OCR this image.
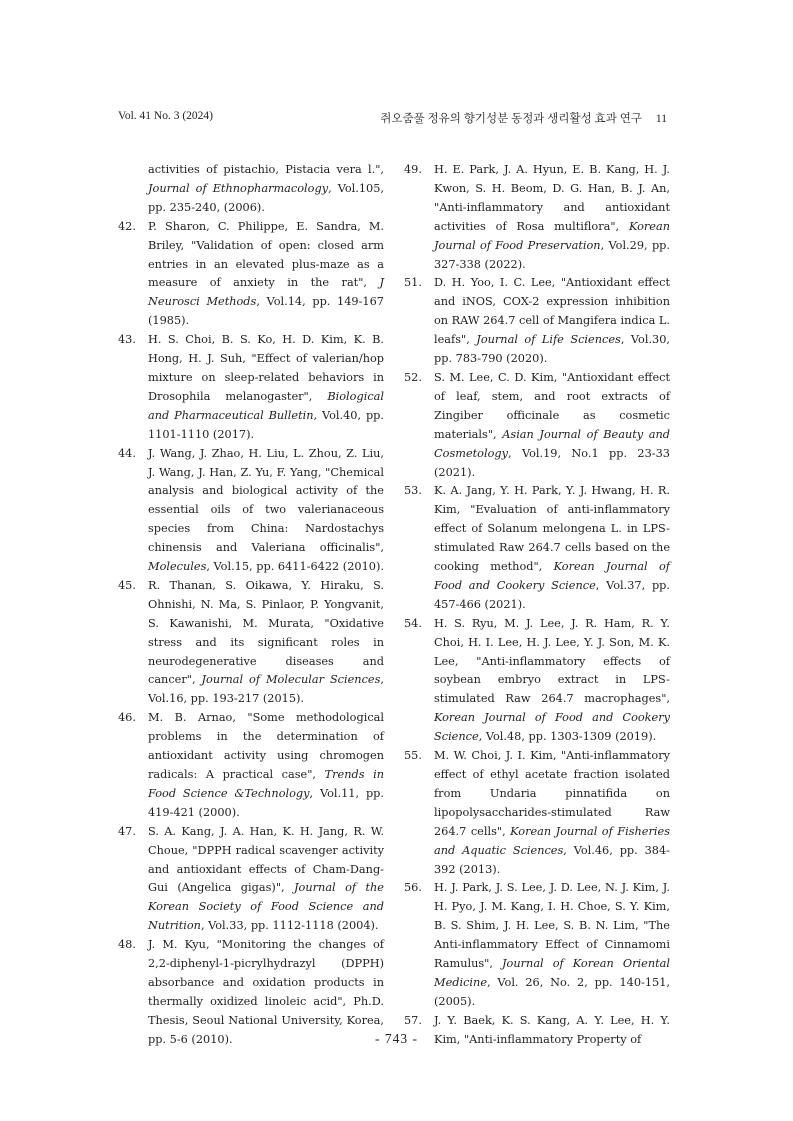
Vol. 41 No. 3 (2024)	쥐오줌풀 정유의 향기성분 동정과 생리활성 효과 연구 11
activities of pistachio, Pistacia vera l.", Journal of Ethnopharmacology, Vol.105, pp. 235-240, (2006).
42. P. Sharon, C. Philippe, E. Sandra, M. Briley, "Validation of open: closed arm entries in an elevated plus-maze as a measure of anxiety in the rat", J Neurosci Methods, Vol.14, pp. 149-167 (1985).
43. H. S. Choi, B. S. Ko, H. D. Kim, K. B. Hong, H. J. Suh, "Effect of valerian/hop mixture on sleep-related behaviors in Drosophila melanogaster", Biological and Pharmaceutical Bulletin, Vol.40, pp. 1101-1110 (2017).
44. J. Wang, J. Zhao, H. Liu, L. Zhou, Z. Liu, J. Wang, J. Han, Z. Yu, F. Yang, "Chemical analysis and biological activity of the essential oils of two valerianaceous species from China: Nardostachys chinensis and Valeriana officinalis", Molecules, Vol.15, pp. 6411-6422 (2010).
45. R. Thanan, S. Oikawa, Y. Hiraku, S. Ohnishi, N. Ma, S. Pinlaor, P. Yongvanit, S. Kawanishi, M. Murata, "Oxidative stress and its significant roles in neurodegenerative diseases and cancer", Journal of Molecular Sciences, Vol.16, pp. 193-217 (2015).
46. M. B. Arnao, "Some methodological problems in the determination of antioxidant activity using chromogen radicals: A practical case", Trends in Food Science &Technology, Vol.11, pp. 419-421 (2000).
47. S. A. Kang, J. A. Han, K. H. Jang, R. W. Choue, "DPPH radical scavenger activity and antioxidant effects of Cham-Dang-Gui (Angelica gigas)", Journal of the Korean Society of Food Science and Nutrition, Vol.33, pp. 1112-1118 (2004).
48. J. M. Kyu, "Monitoring the changes of 2,2-diphenyl-1-picrylhydrazyl (DPPH) absorbance and oxidation products in thermally oxidized linoleic acid", Ph.D. Thesis, Seoul National University, Korea, pp. 5-6 (2010).
49. H. E. Park, J. A. Hyun, E. B. Kang, H. J. Kwon, S. H. Beom, D. G. Han, B. J. An, "Anti-inflammatory and antioxidant activities of Rosa multiflora", Korean Journal of Food Preservation, Vol.29, pp. 327-338 (2022).
51. D. H. Yoo, I. C. Lee, "Antioxidant effect and iNOS, COX-2 expression inhibition on RAW 264.7 cell of Mangifera indica L. leafs", Journal of Life Sciences, Vol.30, pp. 783-790 (2020).
52. S. M. Lee, C. D. Kim, "Antioxidant effect of leaf, stem, and root extracts of Zingiber officinale as cosmetic materials", Asian Journal of Beauty and Cosmetology, Vol.19, No.1 pp. 23-33 (2021).
53. K. A. Jang, Y. H. Park, Y. J. Hwang, H. R. Kim, "Evaluation of anti-inflammatory effect of Solanum melongena L. in LPS-stimulated Raw 264.7 cells based on the cooking method", Korean Journal of Food and Cookery Science, Vol.37, pp. 457-466 (2021).
54. H. S. Ryu, M. J. Lee, J. R. Ham, R. Y. Choi, H. I. Lee, H. J. Lee, Y. J. Son, M. K. Lee, "Anti-inflammatory effects of soybean embryo extract in LPS-stimulated Raw 264.7 macrophages", Korean Journal of Food and Cookery Science, Vol.48, pp. 1303-1309 (2019).
55. M. W. Choi, J. I. Kim, "Anti-inflammatory effect of ethyl acetate fraction isolated from Undaria pinnatifida on lipopolysaccharides-stimulated Raw 264.7 cells", Korean Journal of Fisheries and Aquatic Sciences, Vol.46, pp. 384-392 (2013).
56. H. J. Park, J. S. Lee, J. D. Lee, N. J. Kim, J. H. Pyo, J. M. Kang, I. H. Choe, S. Y. Kim, B. S. Shim, J. H. Lee, S. B. N. Lim, "The Anti-inflammatory Effect of Cinnamomi Ramulus", Journal of Korean Oriental Medicine, Vol. 26, No. 2, pp. 140-151, (2005).
57. J. Y. Baek, K. S. Kang, A. Y. Lee, H. Y. Kim, "Anti-inflammatory Property of
- 743 -
